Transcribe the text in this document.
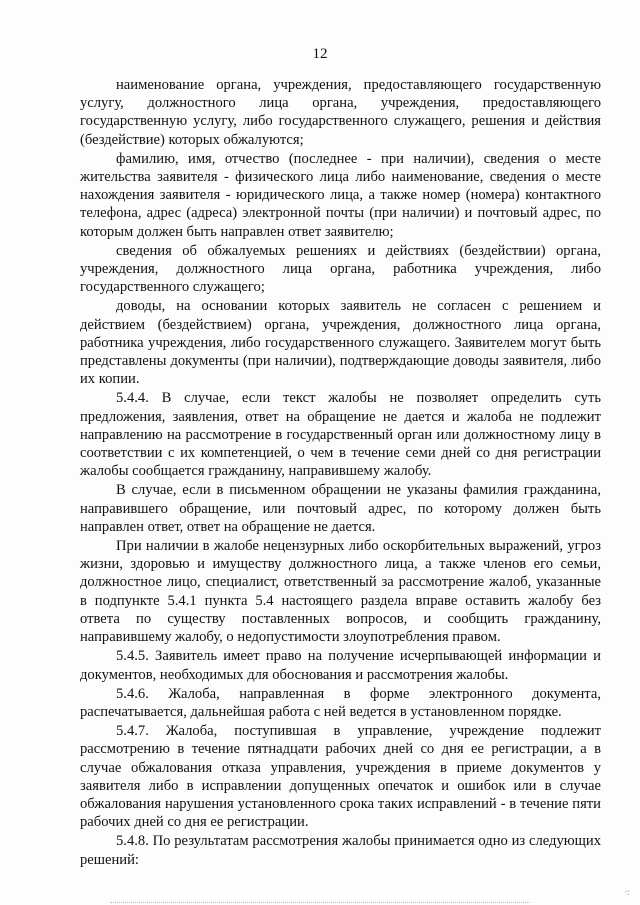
12

наименование органа, учреждения, предоставляющего государственную услугу, должностного лица органа, учреждения, предоставляющего государственную услугу, либо государственного служащего, решения и действия (бездействие) которых обжалуются;

фамилию, имя, отчество (последнее - при наличии), сведения о месте жительства заявителя - физического лица либо наименование, сведения о месте нахождения заявителя - юридического лица, а также номер (номера) контактного телефона, адрес (адреса) электронной почты (при наличии) и почтовый адрес, по которым должен быть направлен ответ заявителю;

сведения об обжалуемых решениях и действиях (бездействии) органа, учреждения, должностного лица органа, работника учреждения, либо государственного служащего;

доводы, на основании которых заявитель не согласен с решением и действием (бездействием) органа, учреждения, должностного лица органа, работника учреждения, либо государственного служащего. Заявителем могут быть представлены документы (при наличии), подтверждающие доводы заявителя, либо их копии.

5.4.4. В случае, если текст жалобы не позволяет определить суть предложения, заявления, ответ на обращение не дается и жалоба не подлежит направлению на рассмотрение в государственный орган или должностному лицу в соответствии с их компетенцией, о чем в течение семи дней со дня регистрации жалобы сообщается гражданину, направившему жалобу.

В случае, если в письменном обращении не указаны фамилия гражданина, направившего обращение, или почтовый адрес, по которому должен быть направлен ответ, ответ на обращение не дается.

При наличии в жалобе нецензурных либо оскорбительных выражений, угроз жизни, здоровью и имуществу должностного лица, а также членов его семьи, должностное лицо, специалист, ответственный за рассмотрение жалоб, указанные в подпункте 5.4.1 пункта 5.4 настоящего раздела вправе оставить жалобу без ответа по существу поставленных вопросов, и сообщить гражданину, направившему жалобу, о недопустимости злоупотребления правом.

5.4.5. Заявитель имеет право на получение исчерпывающей информации и документов, необходимых для обоснования и рассмотрения жалобы.

5.4.6. Жалоба, направленная в форме электронного документа, распечатывается, дальнейшая работа с ней ведется в установленном порядке.

5.4.7. Жалоба, поступившая в управление, учреждение подлежит рассмотрению в течение пятнадцати рабочих дней со дня ее регистрации, а в случае обжалования отказа управления, учреждения в приеме документов у заявителя либо в исправлении допущенных опечаток и ошибок или в случае обжалования нарушения установленного срока таких исправлений - в течение пяти рабочих дней со дня ее регистрации.

5.4.8. По результатам рассмотрения жалобы принимается одно из следующих решений:

·:
